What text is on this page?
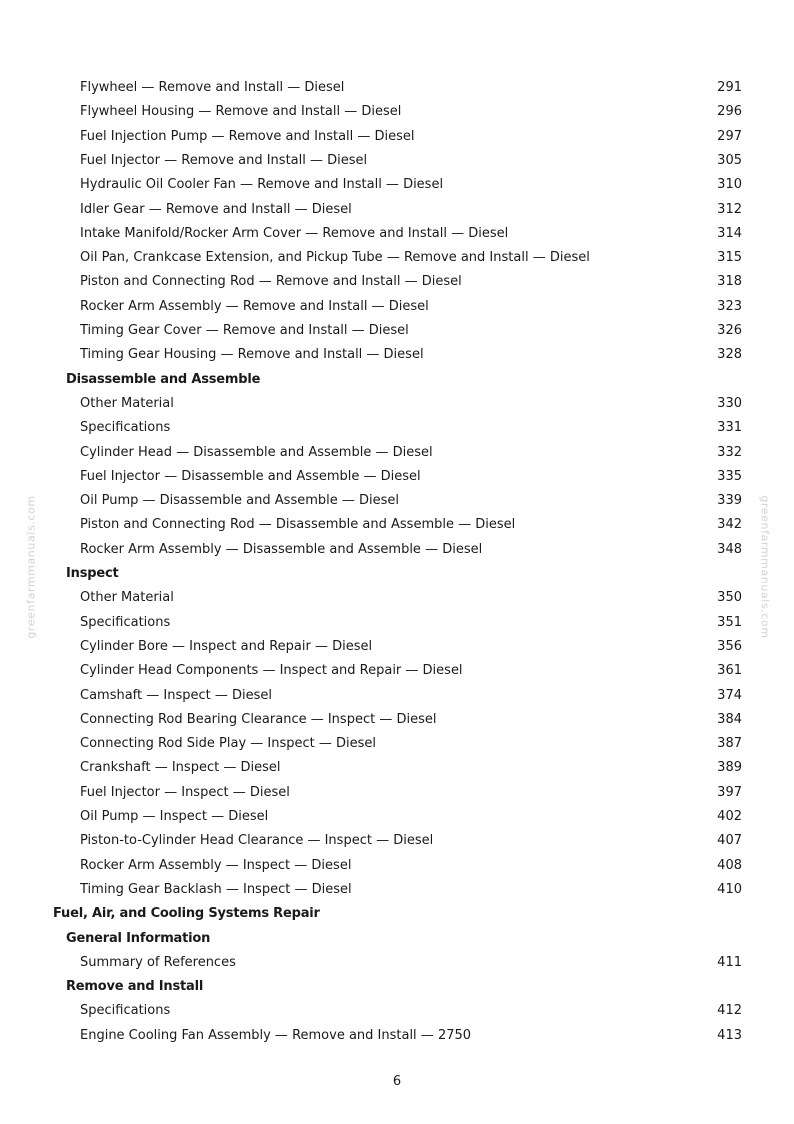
Flywheel — Remove and Install — Diesel	291
Flywheel Housing — Remove and Install — Diesel	296
Fuel Injection Pump — Remove and Install — Diesel	297
Fuel Injector — Remove and Install — Diesel	305
Hydraulic Oil Cooler Fan — Remove and Install — Diesel	310
Idler Gear — Remove and Install — Diesel	312
Intake Manifold/Rocker Arm Cover — Remove and Install — Diesel	314
Oil Pan, Crankcase Extension, and Pickup Tube — Remove and Install — Diesel	315
Piston and Connecting Rod — Remove and Install — Diesel	318
Rocker Arm Assembly — Remove and Install — Diesel	323
Timing Gear Cover — Remove and Install — Diesel	326
Timing Gear Housing — Remove and Install — Diesel	328
Disassemble and Assemble
Other Material	330
Specifications	331
Cylinder Head — Disassemble and Assemble — Diesel	332
Fuel Injector — Disassemble and Assemble — Diesel	335
Oil Pump — Disassemble and Assemble — Diesel	339
Piston and Connecting Rod — Disassemble and Assemble — Diesel	342
Rocker Arm Assembly — Disassemble and Assemble — Diesel	348
Inspect
Other Material	350
Specifications	351
Cylinder Bore — Inspect and Repair — Diesel	356
Cylinder Head Components — Inspect and Repair — Diesel	361
Camshaft — Inspect — Diesel	374
Connecting Rod Bearing Clearance — Inspect — Diesel	384
Connecting Rod Side Play — Inspect — Diesel	387
Crankshaft — Inspect — Diesel	389
Fuel Injector — Inspect — Diesel	397
Oil Pump — Inspect — Diesel	402
Piston-to-Cylinder Head Clearance — Inspect — Diesel	407
Rocker Arm Assembly — Inspect — Diesel	408
Timing Gear Backlash — Inspect — Diesel	410
Fuel, Air, and Cooling Systems Repair
General Information
Summary of References	411
Remove and Install
Specifications	412
Engine Cooling Fan Assembly — Remove and Install — 2750	413
6
greenfarmmanuals.com	greenfarmmanuals.com
